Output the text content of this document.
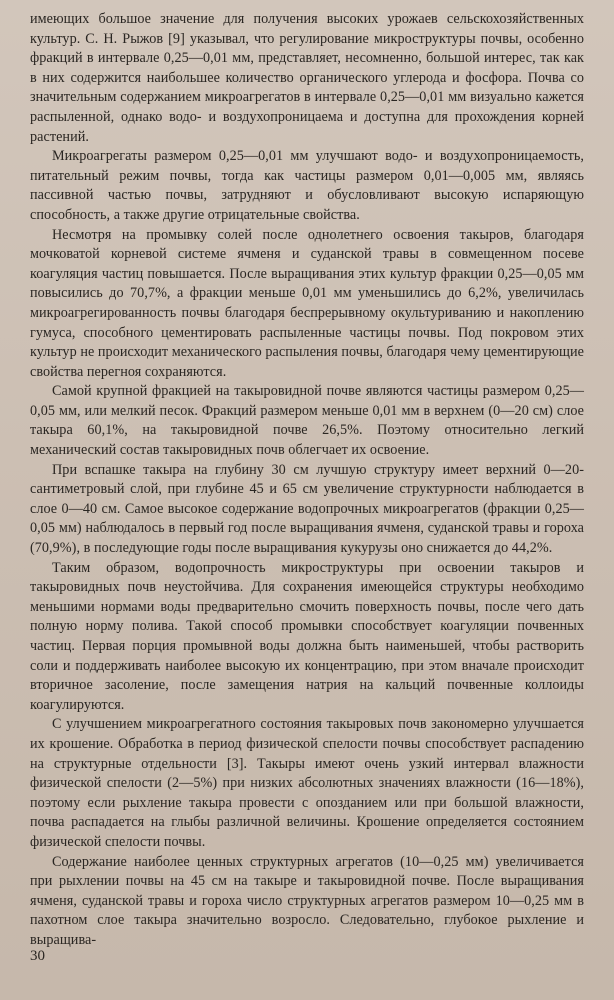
имеющих большое значение для получения высоких урожаев сельскохозяйственных культур. С. Н. Рыжов [9] указывал, что регулирование микроструктуры почвы, особенно фракций в интервале 0,25—0,01 мм, представляет, несомненно, большой интерес, так как в них содержится наибольшее количество органического углерода и фосфора. Почва со значительным содержанием микроагрегатов в интервале 0,25—0,01 мм визуально кажется распыленной, однако водо- и воздухопроницаема и доступна для прохождения корней растений.

Микроагрегаты размером 0,25—0,01 мм улучшают водо- и воздухопроницаемость, питательный режим почвы, тогда как частицы размером 0,01—0,005 мм, являясь пассивной частью почвы, затрудняют и обусловливают высокую испаряющую способность, а также другие отрицательные свойства.

Несмотря на промывку солей после однолетнего освоения такыров, благодаря мочковатой корневой системе ячменя и суданской травы в совмещенном посеве коагуляция частиц повышается. После выращивания этих культур фракции 0,25—0,05 мм повысились до 70,7%, а фракции меньше 0,01 мм уменьшились до 6,2%, увеличилась микроагрегированность почвы благодаря беспрерывному окультуриванию и накоплению гумуса, способного цементировать распыленные частицы почвы. Под покровом этих культур не происходит механического распыления почвы, благодаря чему цементирующие свойства перегноя сохраняются.

Самой крупной фракцией на такыровидной почве являются частицы размером 0,25—0,05 мм, или мелкий песок. Фракций размером меньше 0,01 мм в верхнем (0—20 см) слое такыра 60,1%, на такыровидной почве 26,5%. Поэтому относительно легкий механический состав такыровидных почв облегчает их освоение.

При вспашке такыра на глубину 30 см лучшую структуру имеет верхний 0—20-сантиметровый слой, при глубине 45 и 65 см увеличение структурности наблюдается в слое 0—40 см. Самое высокое содержание водопрочных микроагрегатов (фракции 0,25—0,05 мм) наблюдалось в первый год после выращивания ячменя, суданской травы и гороха (70,9%), в последующие годы после выращивания кукурузы оно снижается до 44,2%.

Таким образом, водопрочность микроструктуры при освоении такыров и такыровидных почв неустойчива. Для сохранения имеющейся структуры необходимо меньшими нормами воды предварительно смочить поверхность почвы, после чего дать полную норму полива. Такой способ промывки способствует коагуляции почвенных частиц. Первая порция промывной воды должна быть наименьшей, чтобы растворить соли и поддерживать наиболее высокую их концентрацию, при этом вначале происходит вторичное засоление, после замещения натрия на кальций почвенные коллоиды коагулируются.

С улучшением микроагрегатного состояния такыровых почв закономерно улучшается их крошение. Обработка в период физической спелости почвы способствует распадению на структурные отдельности [3]. Такыры имеют очень узкий интервал влажности физической спелости (2—5%) при низких абсолютных значениях влажности (16—18%), поэтому если рыхление такыра провести с опозданием или при большой влажности, почва распадается на глыбы различной величины. Крошение определяется состоянием физической спелости почвы.

Содержание наиболее ценных структурных агрегатов (10—0,25 мм) увеличивается при рыхлении почвы на 45 см на такыре и такыровидной почве. После выращивания ячменя, суданской травы и гороха число структурных агрегатов размером 10—0,25 мм в пахотном слое такыра значительно возросло. Следовательно, глубокое рыхление и выращива-

30
